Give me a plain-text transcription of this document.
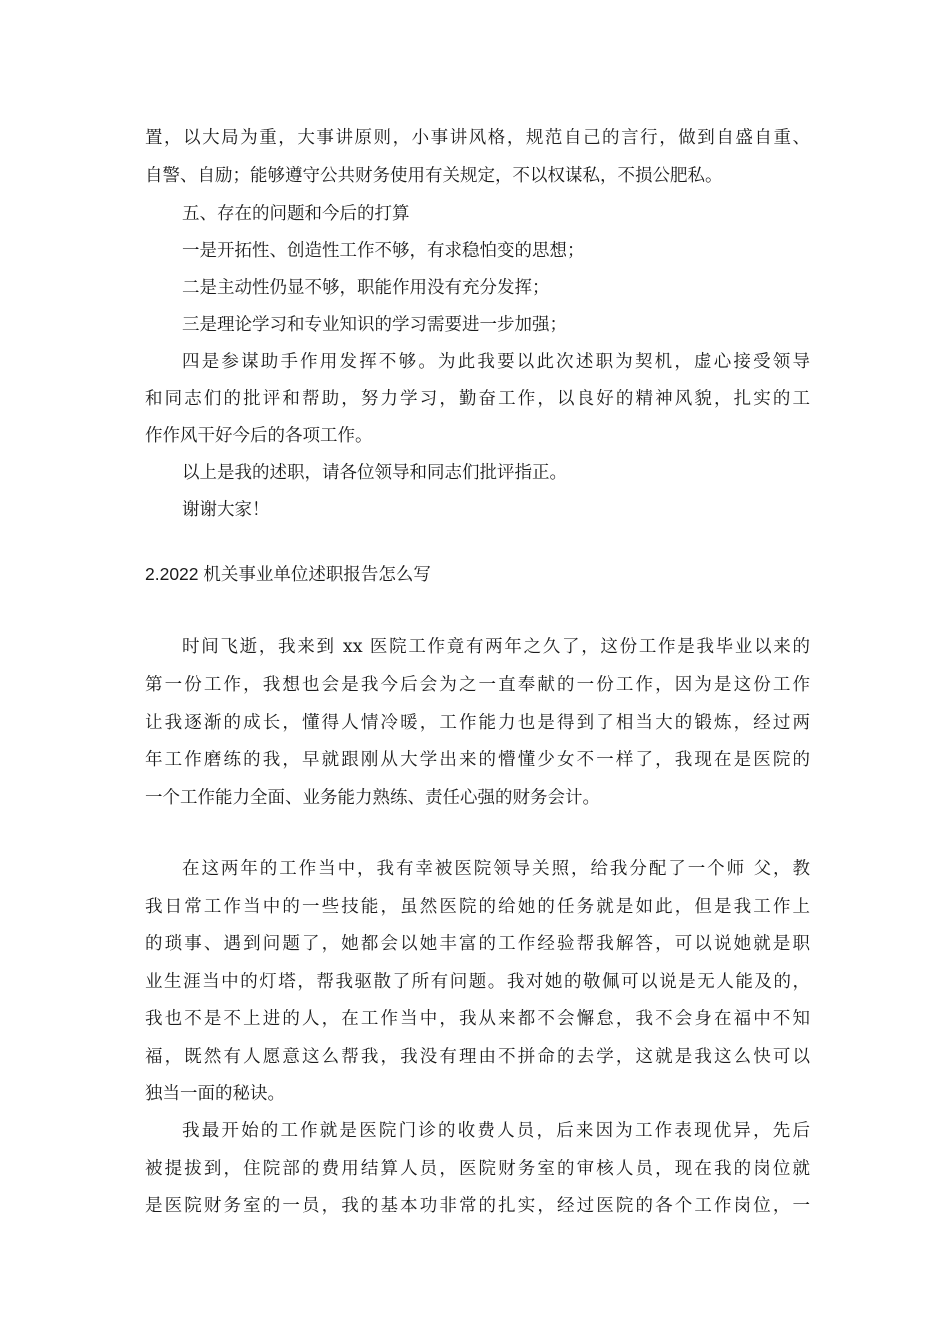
置，以大局为重，大事讲原则，小事讲风格，规范自己的言行，做到自盛自重、
自警、自励；能够遵守公共财务使用有关规定，不以权谋私，不损公肥私。
五、存在的问题和今后的打算
一是开拓性、创造性工作不够，有求稳怕变的思想；
二是主动性仍显不够，职能作用没有充分发挥；
三是理论学习和专业知识的学习需要进一步加强；
四是参谋助手作用发挥不够。为此我要以此次述职为契机，虚心接受领导
和同志们的批评和帮助，努力学习，勤奋工作，以良好的精神风貌，扎实的工
作作风干好今后的各项工作。
以上是我的述职，请各位领导和同志们批评指正。
谢谢大家！
2.2022 机关事业单位述职报告怎么写
时间飞逝，我来到 xx 医院工作竟有两年之久了，这份工作是我毕业以来的
第一份工作，我想也会是我今后会为之一直奉献的一份工作，因为是这份工作
让我逐渐的成长，懂得人情冷暖，工作能力也是得到了相当大的锻炼，经过两
年工作磨练的我，早就跟刚从大学出来的懵懂少女不一样了，我现在是医院的
一个工作能力全面、业务能力熟练、责任心强的财务会计。
在这两年的工作当中，我有幸被医院领导关照，给我分配了一个师 父，教
我日常工作当中的一些技能，虽然医院的给她的任务就是如此，但是我工作上
的琐事、遇到问题了，她都会以她丰富的工作经验帮我解答，可以说她就是职
业生涯当中的灯塔，帮我驱散了所有问题。我对她的敬佩可以说是无人能及的，
我也不是不上进的人，在工作当中，我从来都不会懈怠，我不会身在福中不知
福，既然有人愿意这么帮我，我没有理由不拼命的去学，这就是我这么快可以
独当一面的秘诀。
我最开始的工作就是医院门诊的收费人员，后来因为工作表现优异，先后
被提拔到，住院部的费用结算人员，医院财务室的审核人员，现在我的岗位就
是医院财务室的一员，我的基本功非常的扎实，经过医院的各个工作岗位，一
